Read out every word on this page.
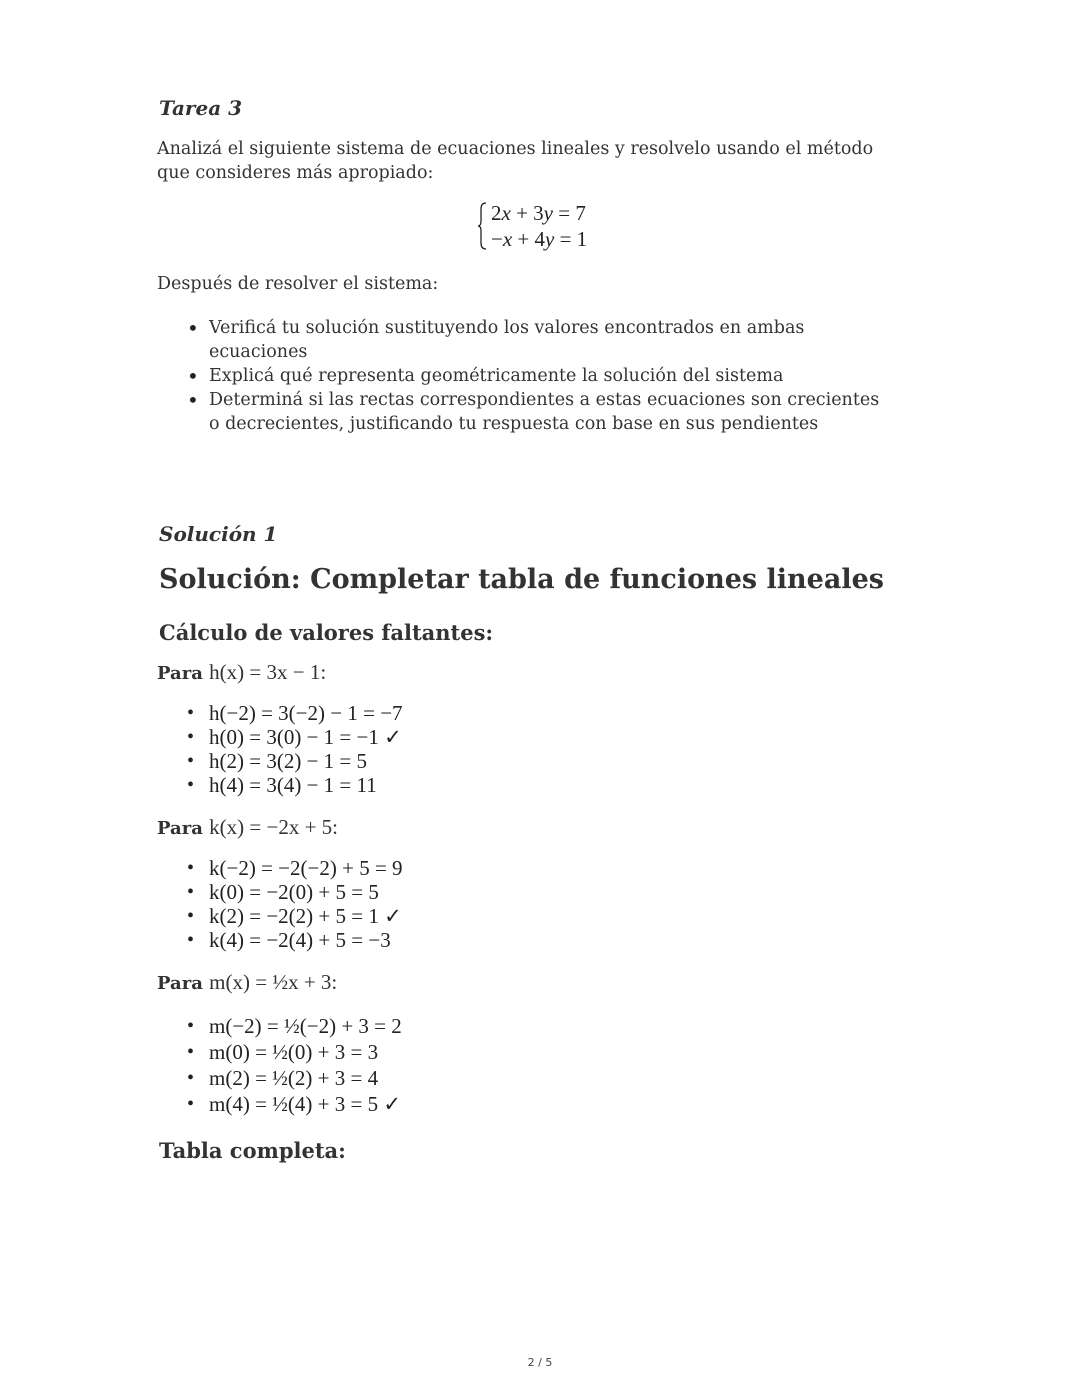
Tarea 3
Analizá el siguiente sistema de ecuaciones lineales y resolvelo usando el método que consideres más apropiado:
2x + 3y = 7
−x + 4y = 1
Después de resolver el sistema:
• Verificá tu solución sustituyendo los valores encontrados en ambas ecuaciones
• Explicá qué representa geométricamente la solución del sistema
• Determiná si las rectas correspondientes a estas ecuaciones son crecientes o decrecientes, justificando tu respuesta con base en sus pendientes
Solución 1
Solución: Completar tabla de funciones lineales
Cálculo de valores faltantes:
Para h(x) = 3x − 1:
• h(−2) = 3(−2) − 1 = −7
• h(0) = 3(0) − 1 = −1 ✓
• h(2) = 3(2) − 1 = 5
• h(4) = 3(4) − 1 = 11
Para k(x) = −2x + 5:
• k(−2) = −2(−2) + 5 = 9
• k(0) = −2(0) + 5 = 5
• k(2) = −2(2) + 5 = 1 ✓
• k(4) = −2(4) + 5 = −3
Para m(x) = ½x + 3:
• m(−2) = ½(−2) + 3 = 2
• m(0) = ½(0) + 3 = 3
• m(2) = ½(2) + 3 = 4
• m(4) = ½(4) + 3 = 5 ✓
Tabla completa:
2 / 5
